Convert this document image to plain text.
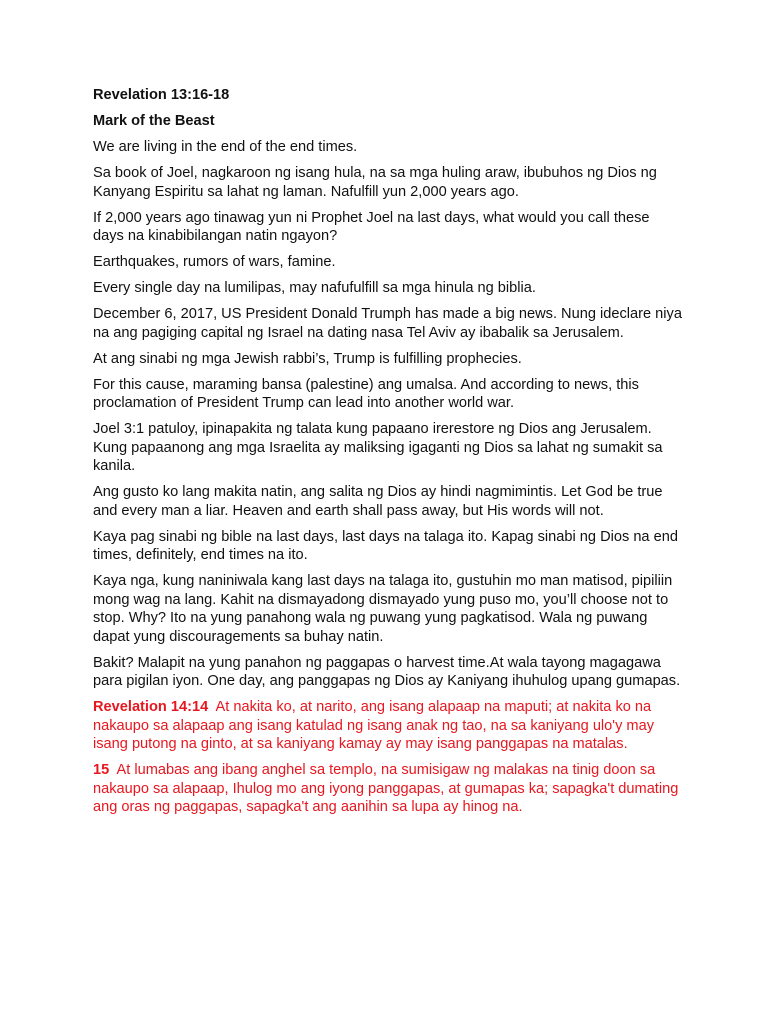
Revelation 13:16-18

Mark of the Beast

We are living in the end of the end times.

Sa book of Joel, nagkaroon ng isang hula, na sa mga huling araw, ibubuhos ng Dios ng Kanyang Espiritu sa lahat ng laman. Nafulfill yun 2,000 years ago.

If 2,000 years ago tinawag yun ni Prophet Joel na last days, what would you call these days na kinabibilangan natin ngayon?

Earthquakes, rumors of wars, famine.

Every single day na lumilipas, may nafufulfill sa mga hinula ng biblia.

December 6, 2017, US President Donald Trumph has made a big news. Nung ideclare niya na ang pagiging capital ng Israel na dating nasa Tel Aviv ay ibabalik sa Jerusalem.

At ang sinabi ng mga Jewish rabbi’s, Trump is fulfilling prophecies.

For this cause, maraming bansa (palestine) ang umalsa. And according to news, this proclamation of President Trump can lead into another world war.

Joel 3:1 patuloy, ipinapakita ng talata kung papaano irerestore ng Dios ang Jerusalem. Kung papaanong ang mga Israelita ay maliksing igaganti ng Dios sa lahat ng sumakit sa kanila.

Ang gusto ko lang makita natin, ang salita ng Dios ay hindi nagmimintis. Let God be true and every man a liar. Heaven and earth shall pass away, but His words will not.

Kaya pag sinabi ng bible na last days, last days na talaga ito. Kapag sinabi ng Dios na end times, definitely, end times na ito.

Kaya nga, kung naniniwala kang last days na talaga ito, gustuhin mo man matisod, pipiliin mong wag na lang. Kahit na dismayadong dismayado yung puso mo, you’ll choose not to stop. Why? Ito na yung panahong wala ng puwang yung pagkatisod. Wala ng puwang dapat yung discouragements sa buhay natin.

Bakit? Malapit na yung panahon ng paggapas o harvest time.At wala tayong magagawa para pigilan iyon. One day, ang panggapas ng Dios ay Kaniyang ihuhulog upang gumapas.

Revelation 14:14 At nakita ko, at narito, ang isang alapaap na maputi; at nakita ko na nakaupo sa alapaap ang isang katulad ng isang anak ng tao, na sa kaniyang ulo'y may isang putong na ginto, at sa kaniyang kamay ay may isang panggapas na matalas.

15 At lumabas ang ibang anghel sa templo, na sumisigaw ng malakas na tinig doon sa nakaupo sa alapaap, Ihulog mo ang iyong panggapas, at gumapas ka; sapagka't dumating ang oras ng paggapas, sapagka't ang aanihin sa lupa ay hinog na.
